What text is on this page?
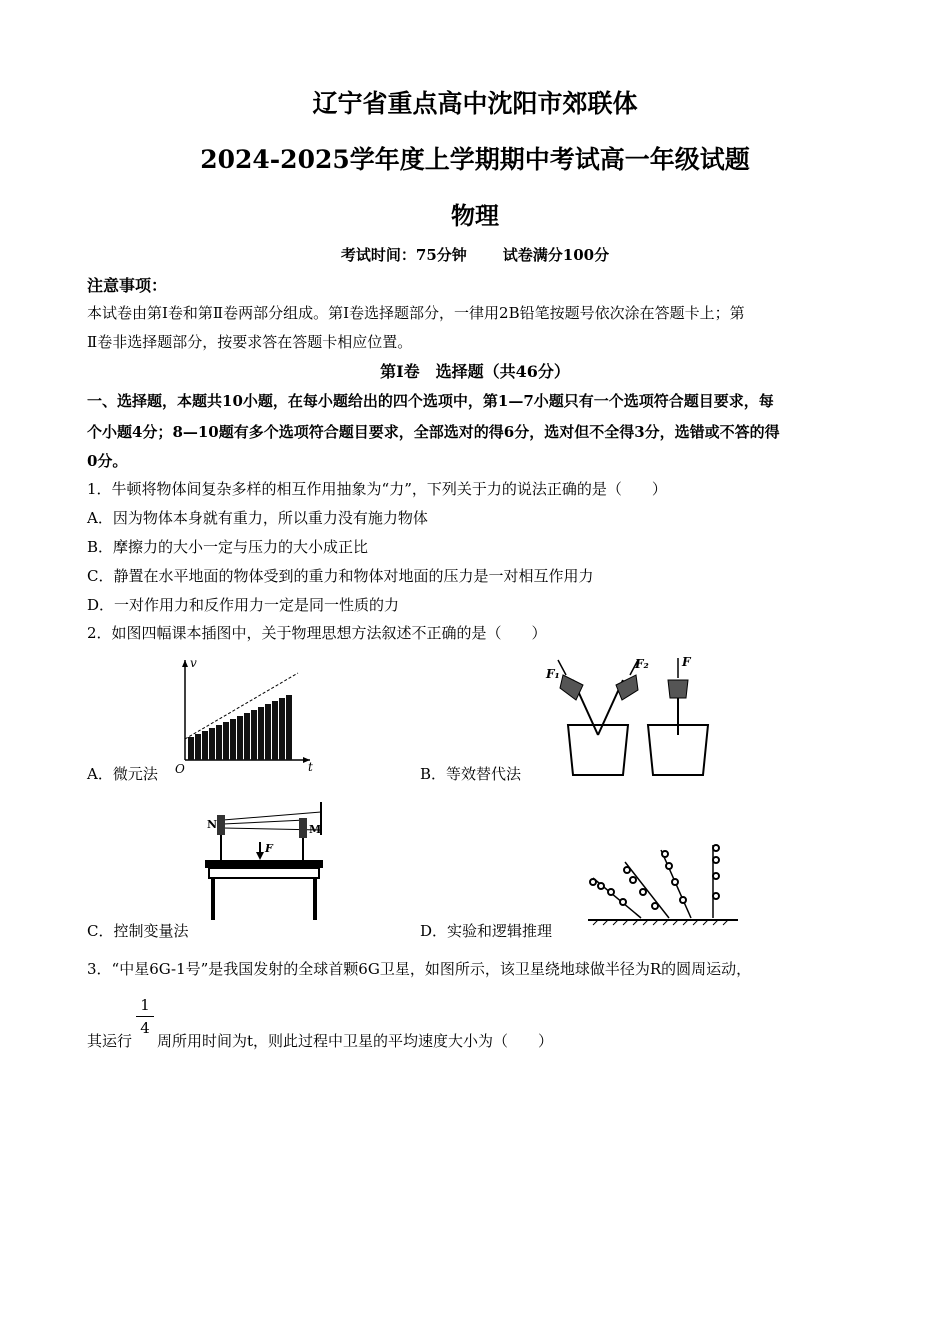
辽宁省重点高中沈阳市郊联体
2024-2025学年度上学期期中考试高一年级试题
物理
考试时间：75分钟 试卷满分100分
注意事项：
本试卷由第Ⅰ卷和第Ⅱ卷两部分组成。第Ⅰ卷选择题部分，一律用2B铅笔按题号依次涂在答题卡上；第
Ⅱ卷非选择题部分，按要求答在答题卡相应位置。
第Ⅰ卷　选择题（共46分）
一、选择题，本题共10小题，在每小题给出的四个选项中，第1—7小题只有一个选项符合题目要求，每
个小题4分；8—10题有多个选项符合题目要求，全部选对的得6分，选对但不全得3分，选错或不答的得
0分。
1．牛顿将物体间复杂多样的相互作用抽象为“力”，下列关于力的说法正确的是（　　）
A．因为物体本身就有重力，所以重力没有施力物体
B．摩擦力的大小一定与压力的大小成正比
C．静置在水平地面的物体受到的重力和物体对地面的压力是一对相互作用力
D．一对作用力和反作用力一定是同一性质的力
2．如图四幅课本插图中，关于物理思想方法叙述不正确的是（　　）
v
t
O
A．微元法
F₁
F₂	F
B．等效替代法
N	M
F
C．控制变量法	D．实验和逻辑推理
3．“中星6G-1号”是我国发射的全球首颗6G卫星，如图所示，该卫星绕地球做半径为R的圆周运动，
其运行
1
4
周所用时间为t，则此过程中卫星的平均速度大小为（　　）
